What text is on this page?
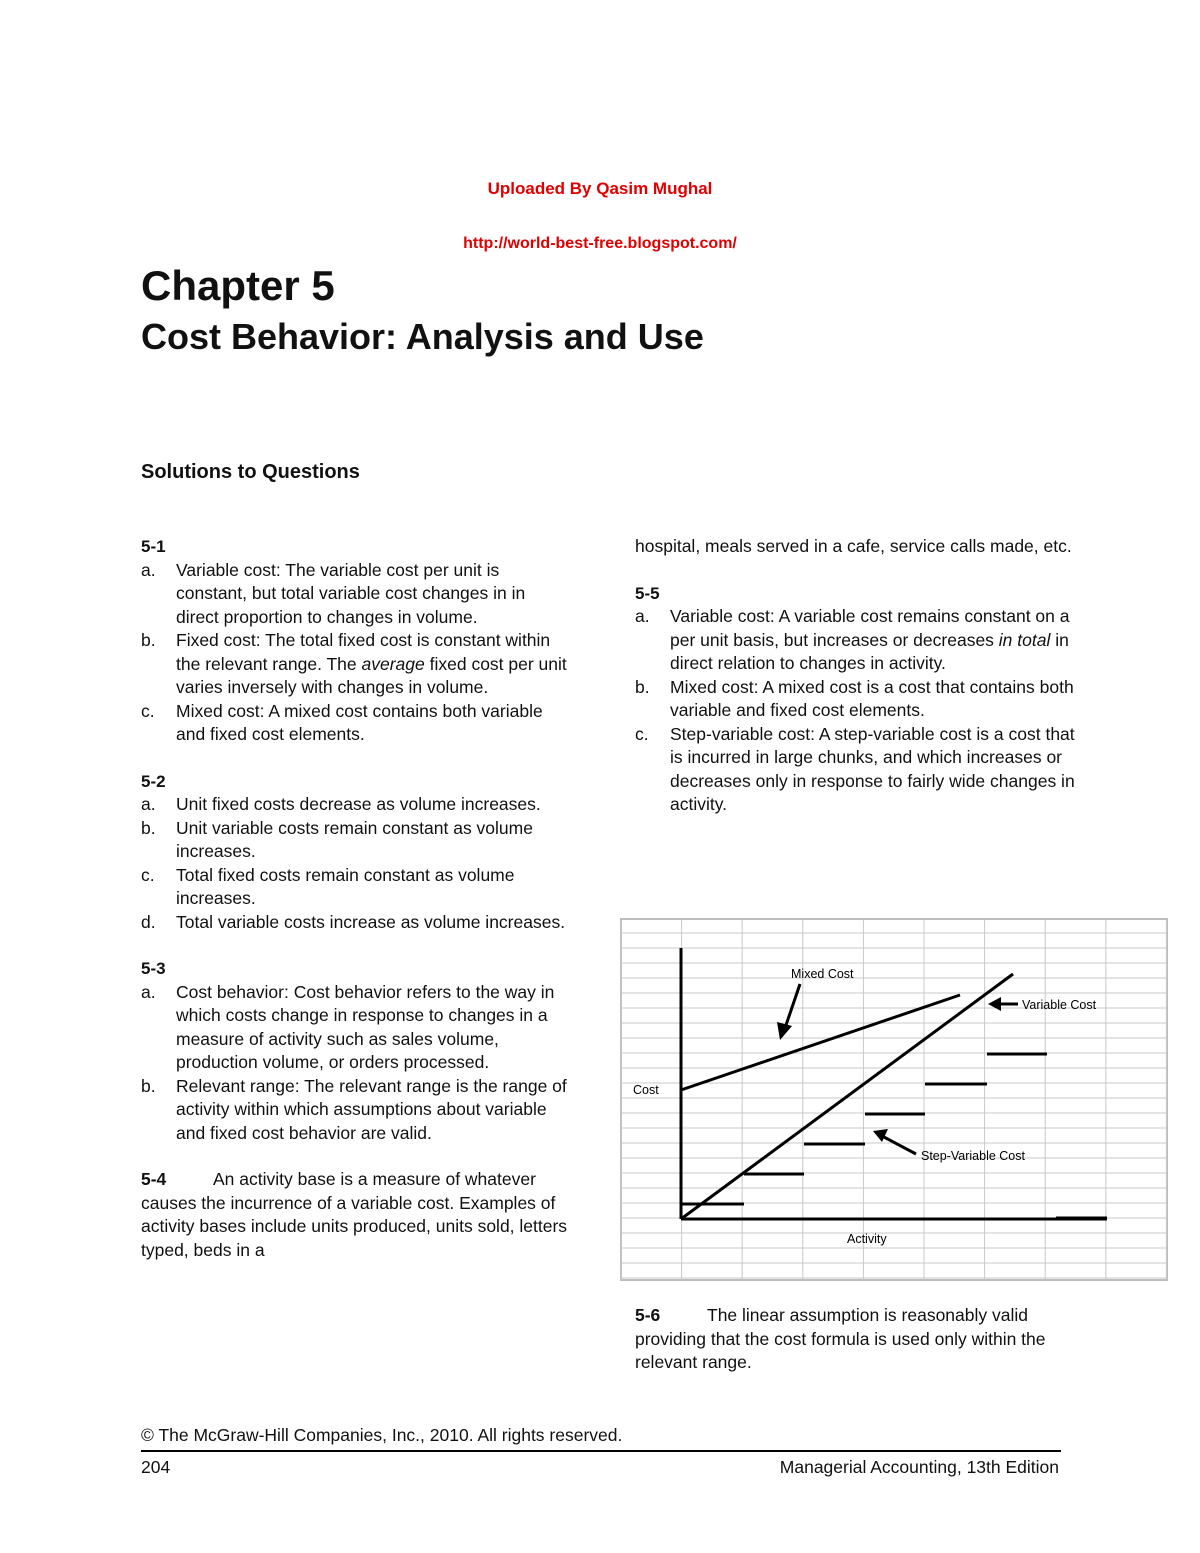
Uploaded By Qasim Mughal
http://world-best-free.blogspot.com/
Chapter 5
Cost Behavior: Analysis and Use
Solutions to Questions
5-1
a.	Variable cost: The variable cost per unit is constant, but total variable cost changes in in direct proportion to changes in volume.
b.	Fixed cost: The total fixed cost is constant within the relevant range. The average fixed cost per unit varies inversely with changes in volume.
c.	Mixed cost: A mixed cost contains both variable and fixed cost elements.
5-2
a.	Unit fixed costs decrease as volume increases.
b.	Unit variable costs remain constant as volume increases.
c.	Total fixed costs remain constant as volume increases.
d.	Total variable costs increase as volume increases.
5-3
a.	Cost behavior: Cost behavior refers to the way in which costs change in response to changes in a measure of activity such as sales volume, production volume, or orders processed.
b.	Relevant range: The relevant range is the range of activity within which assumptions about variable and fixed cost behavior are valid.

5-4	An activity base is a measure of whatever causes the incurrence of a variable cost. Examples of activity bases include units produced, units sold, letters typed, beds in a

hospital, meals served in a cafe, service calls made, etc.

5-5
a.	Variable cost: A variable cost remains constant on a per unit basis, but increases or decreases in total in direct relation to changes in activity.
b.	Mixed cost: A mixed cost is a cost that contains both variable and fixed cost elements.
c.	Step-variable cost: A step-variable cost is a cost that is incurred in large chunks, and which increases or decreases only in response to fairly wide changes in activity.
Mixed Cost
Variable Cost
Step-Variable Cost
Cost
Activity

5-6	The linear assumption is reasonably valid providing that the cost formula is used only within the relevant range.

© The McGraw-Hill Companies, Inc., 2010. All rights reserved.
204	Managerial Accounting, 13th Edition
